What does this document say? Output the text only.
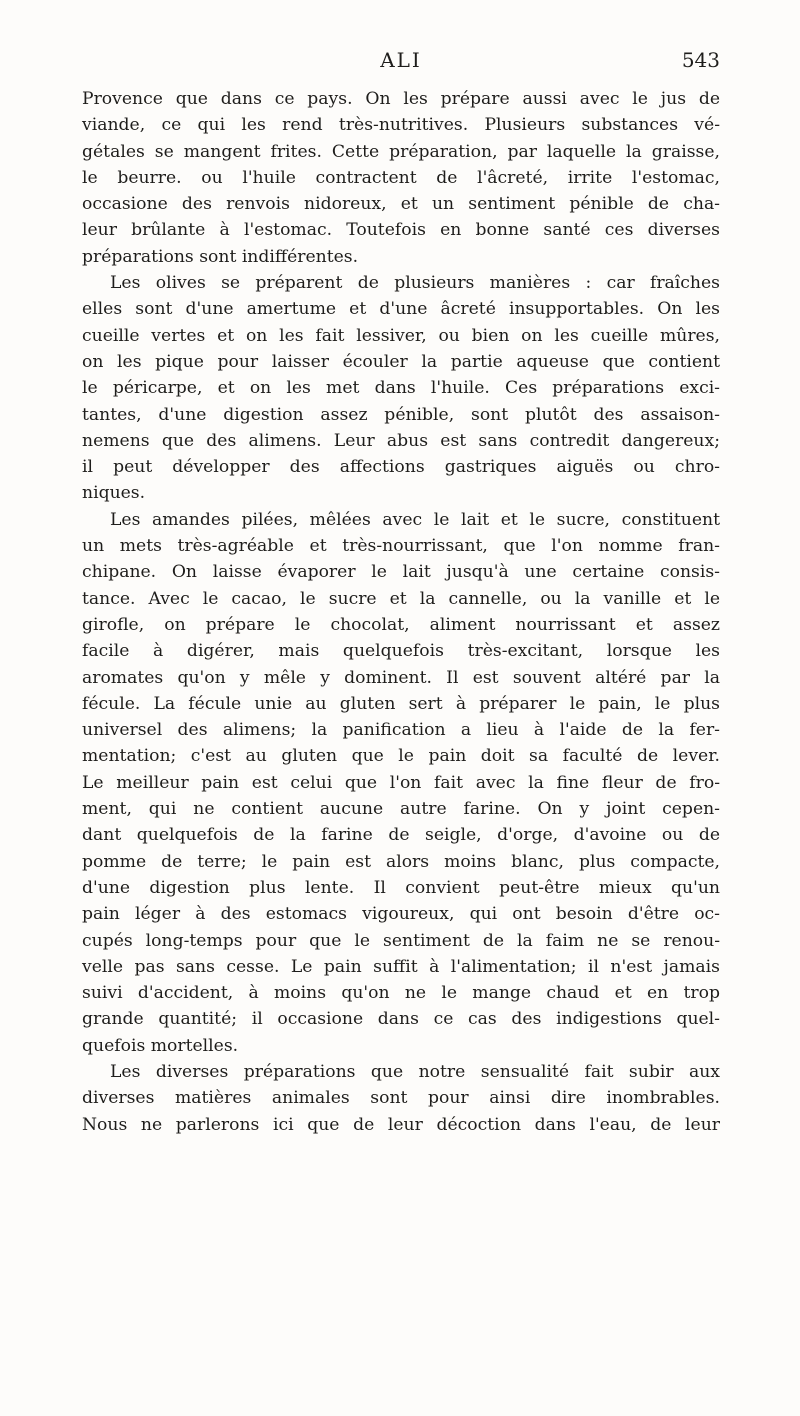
ALI	543
Provence que dans ce pays. On les prépare aussi avec le jus de
viande, ce qui les rend très-nutritives. Plusieurs substances vé-
gétales se mangent frites. Cette préparation, par laquelle la graisse,
le beurre. ou l'huile contractent de l'âcreté, irrite l'estomac,
occasione des renvois nidoreux, et un sentiment pénible de cha-
leur brûlante à l'estomac. Toutefois en bonne santé ces diverses
préparations sont indifférentes.
Les olives se préparent de plusieurs manières : car fraîches
elles sont d'une amertume et d'une âcreté insupportables. On les
cueille vertes et on les fait lessiver, ou bien on les cueille mûres,
on les pique pour laisser écouler la partie aqueuse que contient
le péricarpe, et on les met dans l'huile. Ces préparations exci-
tantes, d'une digestion assez pénible, sont plutôt des assaison-
nemens que des alimens. Leur abus est sans contredit dangereux;
il peut développer des affections gastriques aiguës ou chro-
niques.
Les amandes pilées, mêlées avec le lait et le sucre, constituent
un mets très-agréable et très-nourrissant, que l'on nomme fran-
chipane. On laisse évaporer le lait jusqu'à une certaine consis-
tance. Avec le cacao, le sucre et la cannelle, ou la vanille et le
girofle, on prépare le chocolat, aliment nourrissant et assez
facile à digérer, mais quelquefois très-excitant, lorsque les
aromates qu'on y mêle y dominent. Il est souvent altéré par la
fécule. La fécule unie au gluten sert à préparer le pain, le plus
universel des alimens; la panification a lieu à l'aide de la fer-
mentation; c'est au gluten que le pain doit sa faculté de lever.
Le meilleur pain est celui que l'on fait avec la fine fleur de fro-
ment, qui ne contient aucune autre farine. On y joint cepen-
dant quelquefois de la farine de seigle, d'orge, d'avoine ou de
pomme de terre; le pain est alors moins blanc, plus compacte,
d'une digestion plus lente. Il convient peut-être mieux qu'un
pain léger à des estomacs vigoureux, qui ont besoin d'être oc-
cupés long-temps pour que le sentiment de la faim ne se renou-
velle pas sans cesse. Le pain suffit à l'alimentation; il n'est jamais
suivi d'accident, à moins qu'on ne le mange chaud et en trop
grande quantité; il occasione dans ce cas des indigestions quel-
quefois mortelles.
Les diverses préparations que notre sensualité fait subir aux
diverses matières animales sont pour ainsi dire inombrables.
Nous ne parlerons ici que de leur décoction dans l'eau, de leur
